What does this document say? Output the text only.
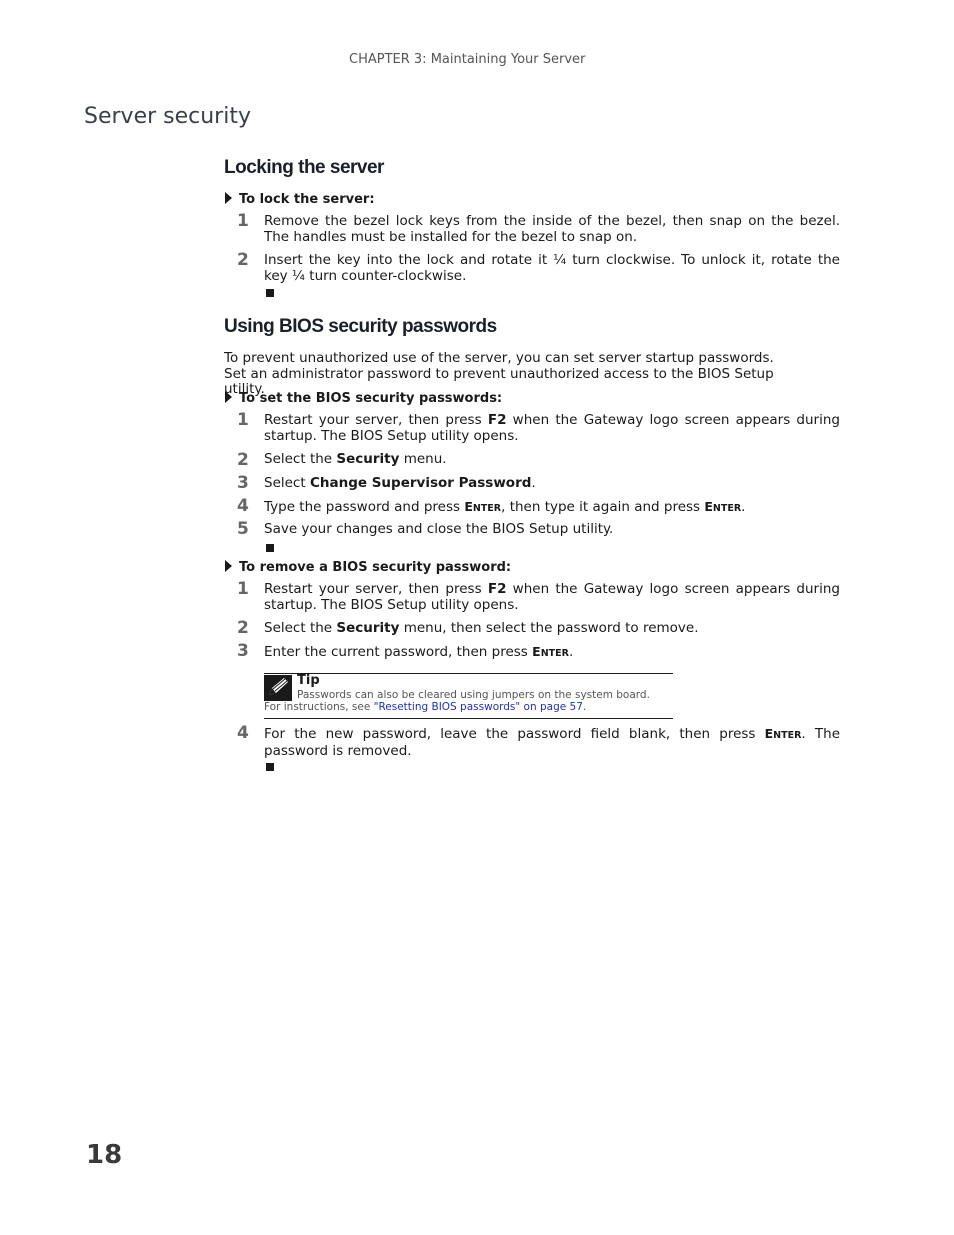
CHAPTER 3: Maintaining Your Server
Server security
Locking the server
To lock the server:
1 Remove the bezel lock keys from the inside of the bezel, then snap on the bezel. The handles must be installed for the bezel to snap on.
2 Insert the key into the lock and rotate it ¼ turn clockwise. To unlock it, rotate the key ¼ turn counter-clockwise.
Using BIOS security passwords
To prevent unauthorized use of the server, you can set server startup passwords. Set an administrator password to prevent unauthorized access to the BIOS Setup utility.
To set the BIOS security passwords:
1 Restart your server, then press F2 when the Gateway logo screen appears during startup. The BIOS Setup utility opens.
2 Select the Security menu.
3 Select Change Supervisor Password.
4 Type the password and press ENTER, then type it again and press ENTER.
5 Save your changes and close the BIOS Setup utility.
To remove a BIOS security password:
1 Restart your server, then press F2 when the Gateway logo screen appears during startup. The BIOS Setup utility opens.
2 Select the Security menu, then select the password to remove.
3 Enter the current password, then press ENTER.
Tip
Passwords can also be cleared using jumpers on the system board. For instructions, see "Resetting BIOS passwords" on page 57.
4 For the new password, leave the password field blank, then press ENTER. The password is removed.
18
